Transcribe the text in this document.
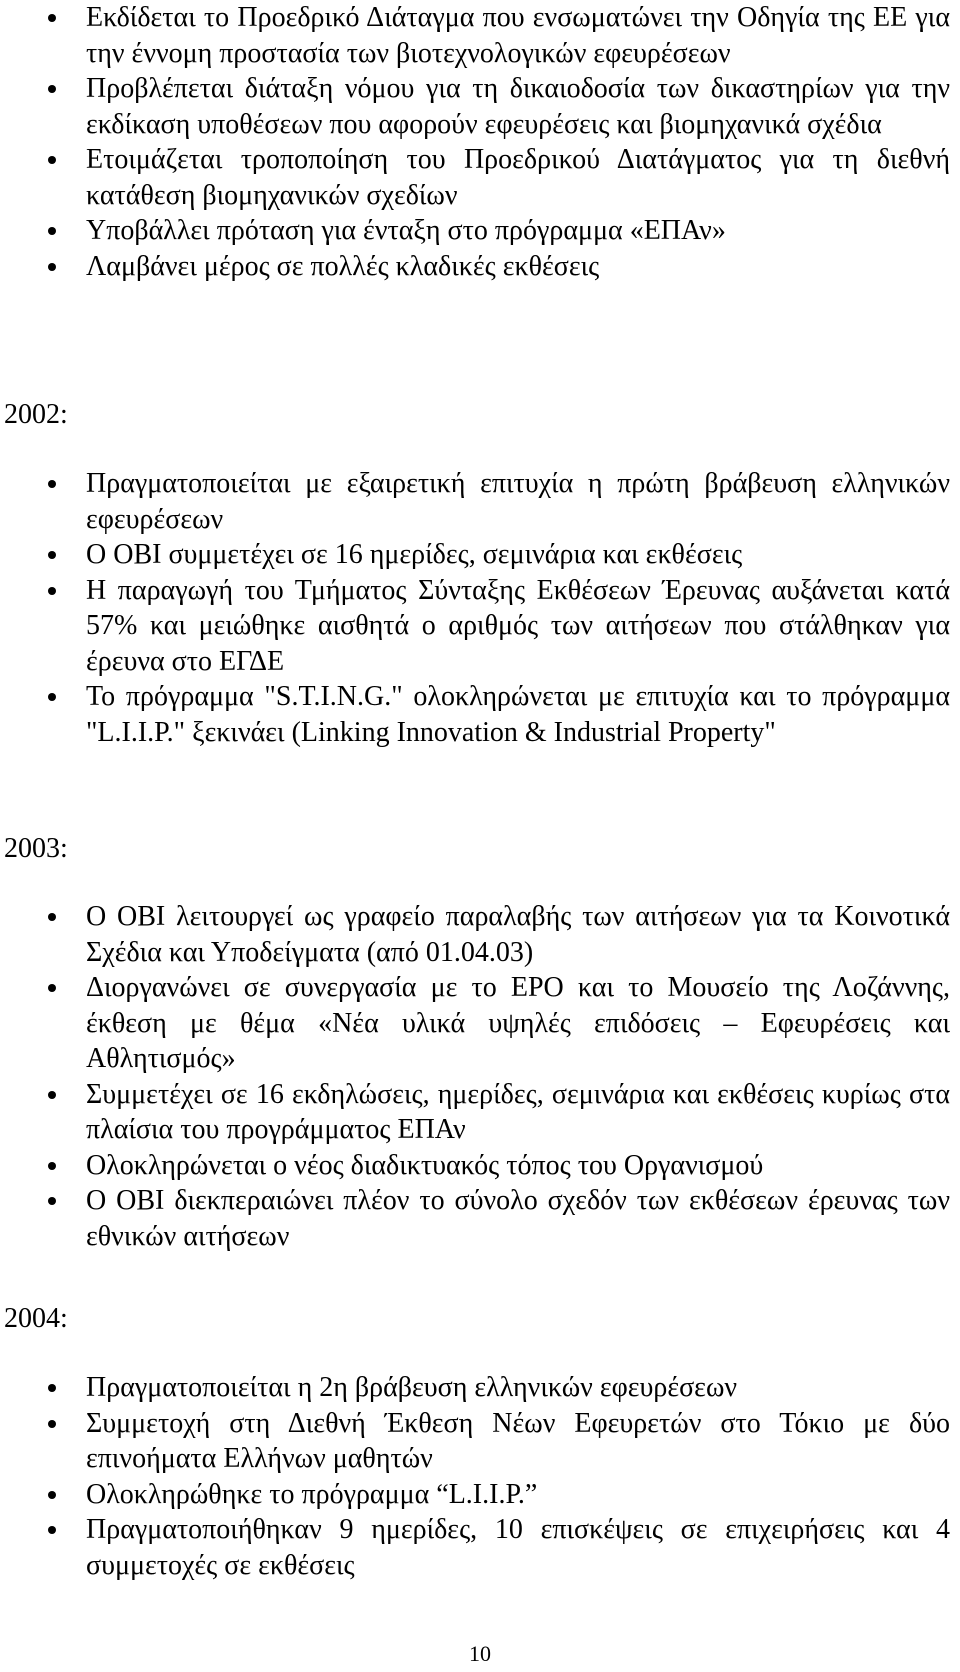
Εκδίδεται το Προεδρικό Διάταγμα που ενσωματώνει την Οδηγία της ΕΕ για την έννομη προστασία των βιοτεχνολογικών εφευρέσεων
Προβλέπεται διάταξη νόμου για τη δικαιοδοσία των δικαστηρίων για την εκδίκαση υποθέσεων που αφορούν εφευρέσεις και βιομηχανικά σχέδια
Ετοιμάζεται τροποποίηση του Προεδρικού Διατάγματος για τη διεθνή κατάθεση βιομηχανικών σχεδίων
Υποβάλλει πρόταση για ένταξη στο πρόγραμμα «ΕΠΑν»
Λαμβάνει μέρος σε πολλές κλαδικές εκθέσεις
2002:
Πραγματοποιείται με εξαιρετική επιτυχία η πρώτη βράβευση ελληνικών εφευρέσεων
Ο ΟΒΙ συμμετέχει σε 16 ημερίδες, σεμινάρια και εκθέσεις
Η παραγωγή του Τμήματος Σύνταξης Εκθέσεων Έρευνας αυξάνεται κατά 57% και μειώθηκε αισθητά ο αριθμός των αιτήσεων που στάλθηκαν για έρευνα στο ΕΓΔΕ
Το πρόγραμμα "S.T.I.N.G." ολοκληρώνεται με επιτυχία και το πρόγραμμα "L.I.I.P." ξεκινάει (Linking Innovation & Industrial Property"
2003:
Ο ΟΒΙ λειτουργεί ως γραφείο παραλαβής των αιτήσεων για τα Κοινοτικά Σχέδια και Υποδείγματα (από 01.04.03)
Διοργανώνει σε συνεργασία με το ΕΡΟ και το Μουσείο της Λοζάννης, έκθεση με θέμα «Νέα υλικά υψηλές επιδόσεις – Εφευρέσεις και Αθλητισμός»
Συμμετέχει σε 16 εκδηλώσεις, ημερίδες, σεμινάρια και εκθέσεις κυρίως στα πλαίσια του προγράμματος ΕΠΑν
Ολοκληρώνεται ο νέος διαδικτυακός τόπος του Οργανισμού
Ο ΟΒΙ διεκπεραιώνει πλέον το σύνολο σχεδόν των εκθέσεων έρευνας των εθνικών αιτήσεων
2004:
Πραγματοποιείται η 2η βράβευση ελληνικών εφευρέσεων
Συμμετοχή στη Διεθνή Έκθεση Νέων Εφευρετών στο Τόκιο με δύο επινοήματα Ελλήνων μαθητών
Ολοκληρώθηκε το πρόγραμμα “L.I.I.P.”
Πραγματοποιήθηκαν 9 ημερίδες, 10 επισκέψεις σε επιχειρήσεις και 4 συμμετοχές σε εκθέσεις
10
